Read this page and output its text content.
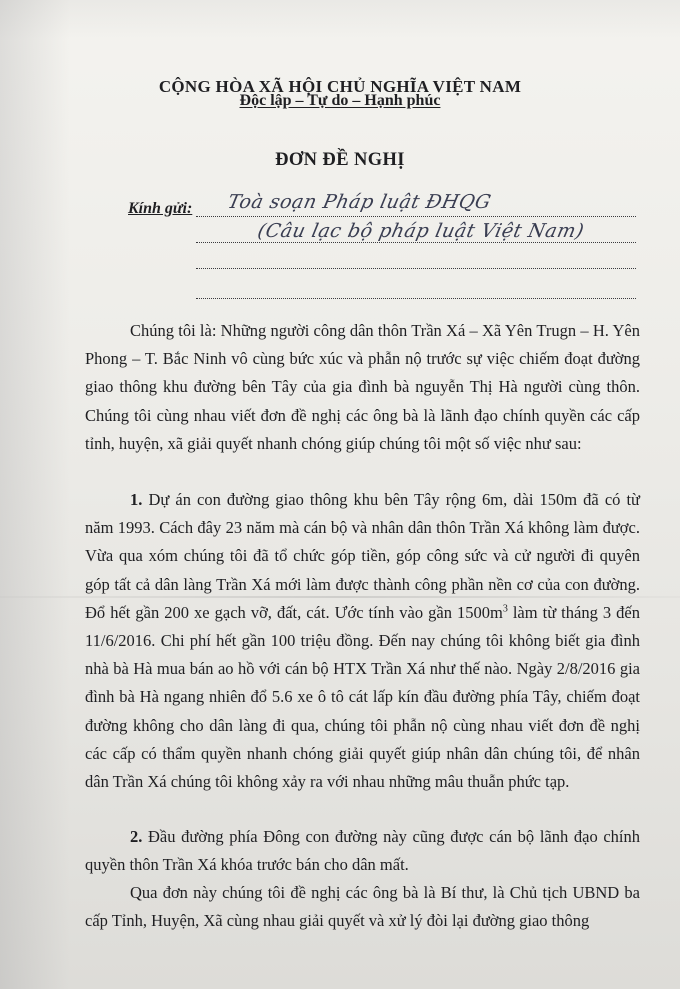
CỘNG HÒA XÃ HỘI CHỦ NGHĨA VIỆT NAM
Độc lập – Tự do – Hạnh phúc
ĐƠN ĐỀ NGHỊ
Kính gửi: Toà soạn Pháp luật ĐHQG
(Câu lạc bộ pháp luật Việt Nam)
Chúng tôi là: Những người công dân thôn Trần Xá – Xã Yên Trugn – H. Yên Phong – T. Bắc Ninh vô cùng bức xúc và phẫn nộ trước sự việc chiếm đoạt đường giao thông khu đường bên Tây của gia đình bà nguyễn Thị Hà người cùng thôn. Chúng tôi cùng nhau viết đơn đề nghị các ông bà là lãnh đạo chính quyền các cấp tỉnh, huyện, xã giải quyết nhanh chóng giúp chúng tôi một số việc như sau:
1. Dự án con đường giao thông khu bên Tây rộng 6m, dài 150m đã có từ năm 1993. Cách đây 23 năm mà cán bộ và nhân dân thôn Trần Xá không làm được. Vừa qua xóm chúng tôi đã tổ chức góp tiền, góp công sức và cử người đi quyên góp tất cả dân làng Trần Xá mới làm được thành công phần nền cơ của con đường. Đổ hết gần 200 xe gạch vỡ, đất, cát. Ước tính vào gần $1500m^3$ làm từ tháng 3 đến 11/6/2016. Chi phí hết gần 100 triệu đồng. Đến nay chúng tôi không biết gia đình nhà bà Hà mua bán ao hồ với cán bộ HTX Trần Xá như thế nào. Ngày 2/8/2016 gia đình bà Hà ngang nhiên đổ 5.6 xe ô tô cát lấp kín đầu đường phía Tây, chiếm đoạt đường không cho dân làng đi qua, chúng tôi phẫn nộ cùng nhau viết đơn đề nghị các cấp có thẩm quyền nhanh chóng giải quyết giúp nhân dân chúng tôi, để nhân dân Trần Xá chúng tôi không xảy ra với nhau những mâu thuẫn phức tạp.
2. Đầu đường phía Đông con đường này cũng được cán bộ lãnh đạo chính quyền thôn Trần Xá khóa trước bán cho dân mất.
Qua đơn này chúng tôi đề nghị các ông bà là Bí thư, là Chủ tịch UBND ba cấp Tỉnh, Huyện, Xã cùng nhau giải quyết và xử lý đòi lại đường giao thông
